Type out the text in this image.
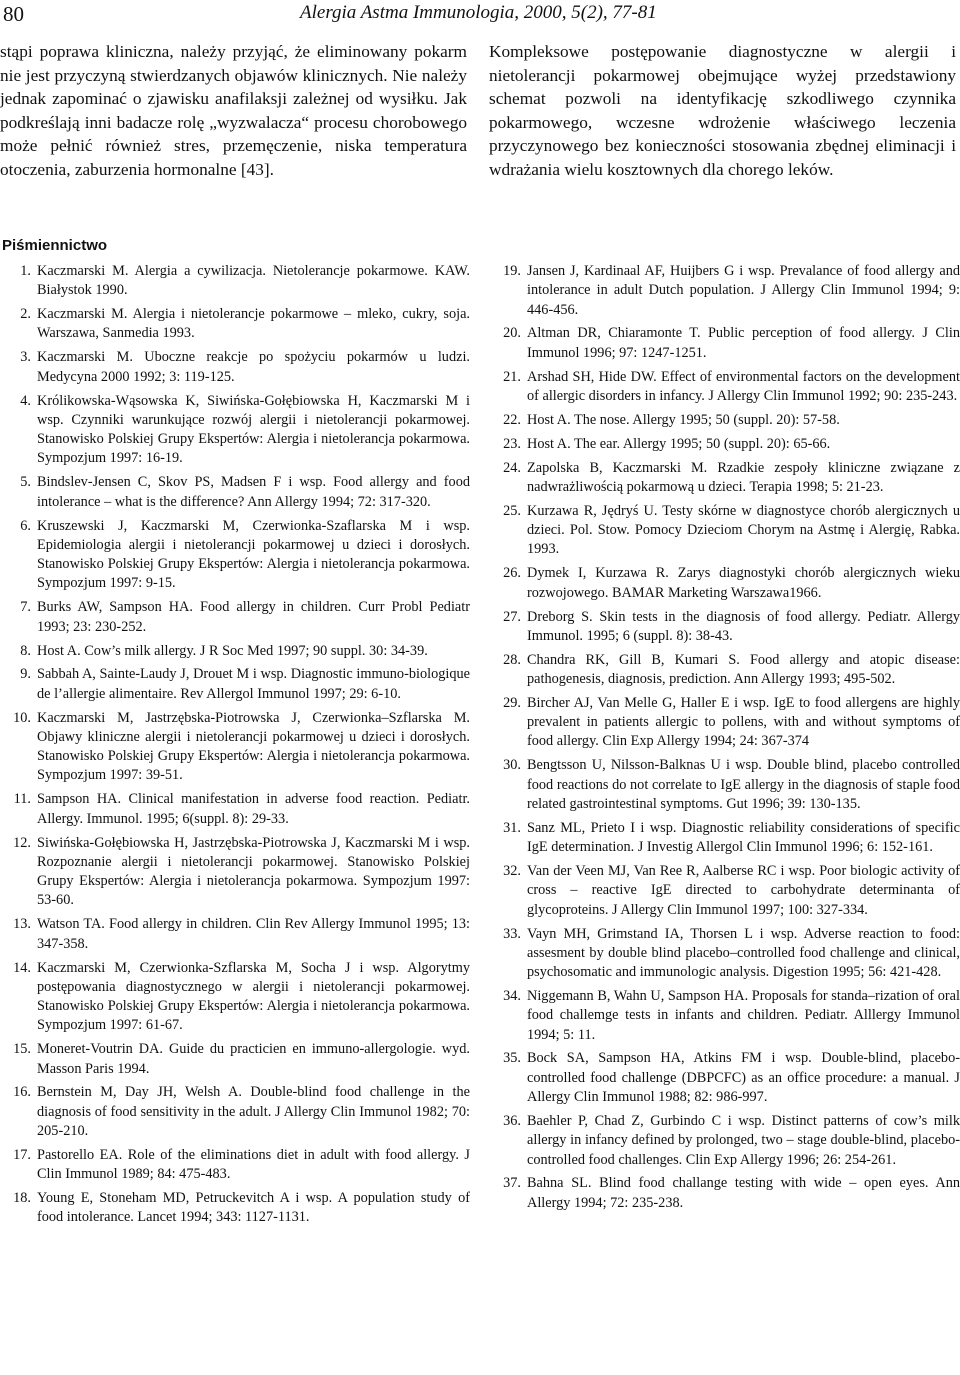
80	Alergia Astma Immunologia, 2000, 5(2), 77-81

stąpi poprawa kliniczna, należy przyjąć, że eliminowany pokarm nie jest przyczyną stwierdzanych objawów klinicznych. Nie należy jednak zapominać o zjawisku anafilaksji zależnej od wysiłku. Jak podkreślają inni badacze rolę „wyzwalacza“ procesu chorobowego może pełnić również stres, przemęczenie, niska temperatura otoczenia, zaburzenia hormonalne [43].

Kompleksowe postępowanie diagnostyczne w alergii i nietolerancji pokarmowej obejmujące wyżej przedstawiony schemat pozwoli na identyfikację szkodliwego czynnika pokarmowego, wczesne wdrożenie właściwego leczenia przyczynowego bez konieczności stosowania zbędnej eliminacji i wdrażania wielu kosztownych dla chorego leków.

Piśmiennictwo
1. Kaczmarski M. Alergia a cywilizacja. Nietolerancje pokarmowe. KAW. Białystok 1990.
2. Kaczmarski M. Alergia i nietolerancje pokarmowe – mleko, cukry, soja. Warszawa, Sanmedia 1993.
3. Kaczmarski M. Uboczne reakcje po spożyciu pokarmów u ludzi. Medycyna 2000 1992; 3: 119-125.
4. Królikowska-Wąsowska K, Siwińska-Gołębiowska H, Kaczmarski M i wsp. Czynniki warunkujące rozwój alergii i nietolerancji pokarmowej. Stanowisko Polskiej Grupy Ekspertów: Alergia i nietolerancja pokarmowa. Sympozjum 1997: 16-19.
5. Bindslev-Jensen C, Skov PS, Madsen F i wsp. Food allergy and food intolerance – what is the difference? Ann Allergy 1994; 72: 317-320.
6. Kruszewski J, Kaczmarski M, Czerwionka-Szaflarska M i wsp. Epidemiologia alergii i nietolerancji pokarmowej u dzieci i dorosłych. Stanowisko Polskiej Grupy Ekspertów: Alergia i nietolerancja pokarmowa. Sympozjum 1997: 9-15.
7. Burks AW, Sampson HA. Food allergy in children. Curr Probl Pediatr 1993; 23: 230-252.
8. Host A. Cow’s milk allergy. J R Soc Med 1997; 90 suppl. 30: 34-39.
9. Sabbah A, Sainte-Laudy J, Drouet M i wsp. Diagnostic immuno-biologique de l’allergie alimentaire. Rev Allergol Immunol 1997; 29: 6-10.
10. Kaczmarski M, Jastrzębska-Piotrowska J, Czerwionka–Szflarska M. Objawy kliniczne alergii i nietolerancji pokarmowej u dzieci i dorosłych. Stanowisko Polskiej Grupy Ekspertów: Alergia i nietolerancja pokarmowa. Sympozjum 1997: 39-51.
11. Sampson HA. Clinical manifestation in adverse food reaction. Pediatr. Allergy. Immunol. 1995; 6(suppl. 8): 29-33.
12. Siwińska-Gołębiowska H, Jastrzębska-Piotrowska J, Kaczmarski M i wsp. Rozpoznanie alergii i nietolerancji pokarmowej. Stanowisko Polskiej Grupy Ekspertów: Alergia i nietolerancja pokarmowa. Sympozjum 1997: 53-60.
13. Watson TA. Food allergy in children. Clin Rev Allergy Immunol 1995; 13: 347-358.
14. Kaczmarski M, Czerwionka-Szflarska M, Socha J i wsp. Algorytmy postępowania diagnostycznego w alergii i nietolerancji pokarmowej. Stanowisko Polskiej Grupy Ekspertów: Alergia i nietolerancja pokarmowa. Sympozjum 1997: 61-67.
15. Moneret-Voutrin DA. Guide du practicien en immuno-allergologie. wyd. Masson Paris 1994.
16. Bernstein M, Day JH, Welsh A. Double-blind food challenge in the diagnosis of food sensitivity in the adult. J Allergy Clin Immunol 1982; 70: 205-210.
17. Pastorello EA. Role of the eliminations diet in adult with food allergy. J Clin Immunol 1989; 84: 475-483.
18. Young E, Stoneham MD, Petruckevitch A i wsp. A population study of food intolerance. Lancet 1994; 343: 1127-1131.
19. Jansen J, Kardinaal AF, Huijbers G i wsp. Prevalance of food allergy and intolerance in adult Dutch population. J Allergy Clin Immunol 1994; 9: 446-456.
20. Altman DR, Chiaramonte T. Public perception of food allergy. J Clin Immunol 1996; 97: 1247-1251.
21. Arshad SH, Hide DW. Effect of environmental factors on the development of allergic disorders in infancy. J Allergy Clin Immunol 1992; 90: 235-243.
22. Host A. The nose. Allergy 1995; 50 (suppl. 20): 57-58.
23. Host A. The ear. Allergy 1995; 50 (suppl. 20): 65-66.
24. Zapolska B, Kaczmarski M. Rzadkie zespoły kliniczne związane z nadwrażliwością pokarmową u dzieci. Terapia 1998; 5: 21-23.
25. Kurzawa R, Jędryś U. Testy skórne w diagnostyce chorób alergicznych u dzieci. Pol. Stow. Pomocy Dzieciom Chorym na Astmę i Alergię, Rabka. 1993.
26. Dymek I, Kurzawa R. Zarys diagnostyki chorób alergicznych wieku rozwojowego. BAMAR Marketing Warszawa1966.
27. Dreborg S. Skin tests in the diagnosis of food allergy. Pediatr. Allergy Immunol. 1995; 6 (suppl. 8): 38-43.
28. Chandra RK, Gill B, Kumari S. Food allergy and atopic disease: pathogenesis, diagnosis, prediction. Ann Allergy 1993; 495-502.
29. Bircher AJ, Van Melle G, Haller E i wsp. IgE to food allergens are highly prevalent in patients allergic to pollens, with and without symptoms of food allergy. Clin Exp Allergy 1994; 24: 367-374
30. Bengtsson U, Nilsson-Balknas U i wsp. Double blind, placebo controlled food reactions do not correlate to IgE allergy in the diagnosis of staple food related gastrointestinal symptoms. Gut 1996; 39: 130-135.
31. Sanz ML, Prieto I i wsp. Diagnostic reliability considerations of specific IgE determination. J Investig Allergol Clin Immunol 1996; 6: 152-161.
32. Van der Veen MJ, Van Ree R, Aalberse RC i wsp. Poor biologic activity of cross – reactive IgE directed to carbohydrate determinanta of glycoproteins. J Allergy Clin Immunol 1997; 100: 327-334.
33. Vayn MH, Grimstand IA, Thorsen L i wsp. Adverse reaction to food: assesment by double blind placebo–controlled food challenge and clinical, psychosomatic and immunologic analysis. Digestion 1995; 56: 421-428.
34. Niggemann B, Wahn U, Sampson HA. Proposals for standa–rization of oral food challemge tests in infants and children. Pediatr. Alllergy Immunol 1994; 5: 11.
35. Bock SA, Sampson HA, Atkins FM i wsp. Double-blind, placebo-controlled food challenge (DBPCFC) as an office procedure: a manual. J Allergy Clin Immunol 1988; 82: 986-997.
36. Baehler P, Chad Z, Gurbindo C i wsp. Distinct patterns of cow’s milk allergy in infancy defined by prolonged, two – stage double-blind, placebo-controlled food challenges. Clin Exp Allergy 1996; 26: 254-261.
37. Bahna SL. Blind food challange testing with wide – open eyes. Ann Allergy 1994; 72: 235-238.
